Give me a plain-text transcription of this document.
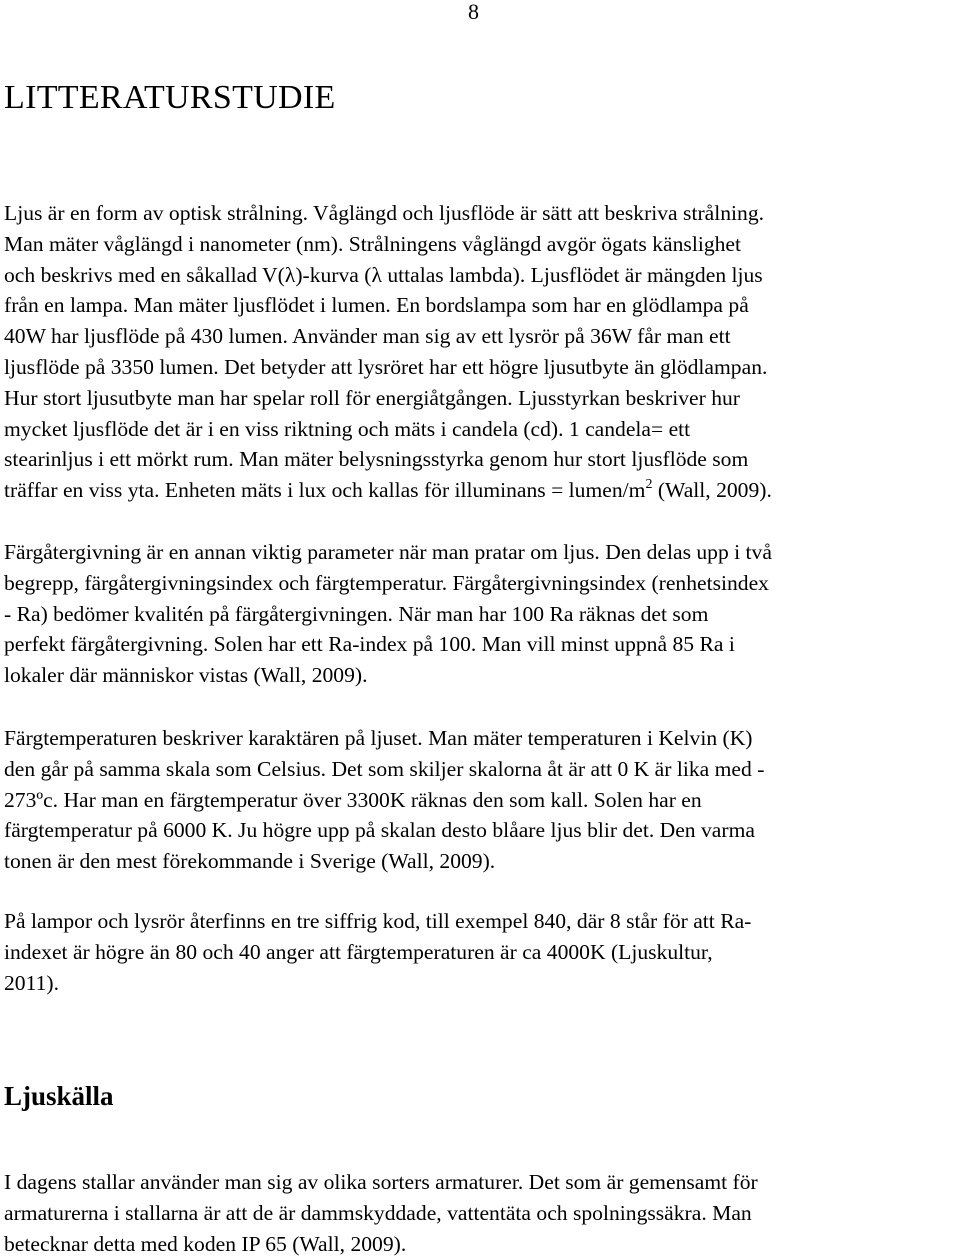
8
LITTERATURSTUDIE

Ljus är en form av optisk strålning. Våglängd och ljusflöde är sätt att beskriva strålning.
Man mäter våglängd i nanometer (nm). Strålningens våglängd avgör ögats känslighet
och beskrivs med en såkallad V(λ)-kurva (λ uttalas lambda). Ljusflödet är mängden ljus
från en lampa. Man mäter ljusflödet i lumen. En bordslampa som har en glödlampa på
40W har ljusflöde på 430 lumen. Använder man sig av ett lysrör på 36W får man ett
ljusflöde på 3350 lumen. Det betyder att lysröret har ett högre ljusutbyte än glödlampan.
Hur stort ljusutbyte man har spelar roll för energiåtgången. Ljusstyrkan beskriver hur
mycket ljusflöde det är i en viss riktning och mäts i candela (cd). 1 candela= ett
stearinljus i ett mörkt rum. Man mäter belysningsstyrka genom hur stort ljusflöde som
träffar en viss yta. Enheten mäts i lux och kallas för illuminans = lumen/$m^2$ (Wall, 2009).

Färgåtergivning är en annan viktig parameter när man pratar om ljus. Den delas upp i två
begrepp, färgåtergivningsindex och färgtemperatur. Färgåtergivningsindex (renhetsindex
- Ra) bedömer kvalitén på färgåtergivningen. När man har 100 Ra räknas det som
perfekt färgåtergivning. Solen har ett Ra-index på 100. Man vill minst uppnå 85 Ra i
lokaler där människor vistas (Wall, 2009).

Färgtemperaturen beskriver karaktären på ljuset. Man mäter temperaturen i Kelvin (K)
den går på samma skala som Celsius. Det som skiljer skalorna åt är att 0 K är lika med -
273ºc. Har man en färgtemperatur över 3300K räknas den som kall. Solen har en
färgtemperatur på 6000 K. Ju högre upp på skalan desto blåare ljus blir det. Den varma
tonen är den mest förekommande i Sverige (Wall, 2009).

På lampor och lysrör återfinns en tre siffrig kod, till exempel 840, där 8 står för att Ra-
indexet är högre än 80 och 40 anger att färgtemperaturen är ca 4000K (Ljuskultur,
2011).

Ljuskälla

I dagens stallar använder man sig av olika sorters armaturer. Det som är gemensamt för
armaturerna i stallarna är att de är dammskyddade, vattentäta och spolningssäkra. Man
betecknar detta med koden IP 65 (Wall, 2009).
